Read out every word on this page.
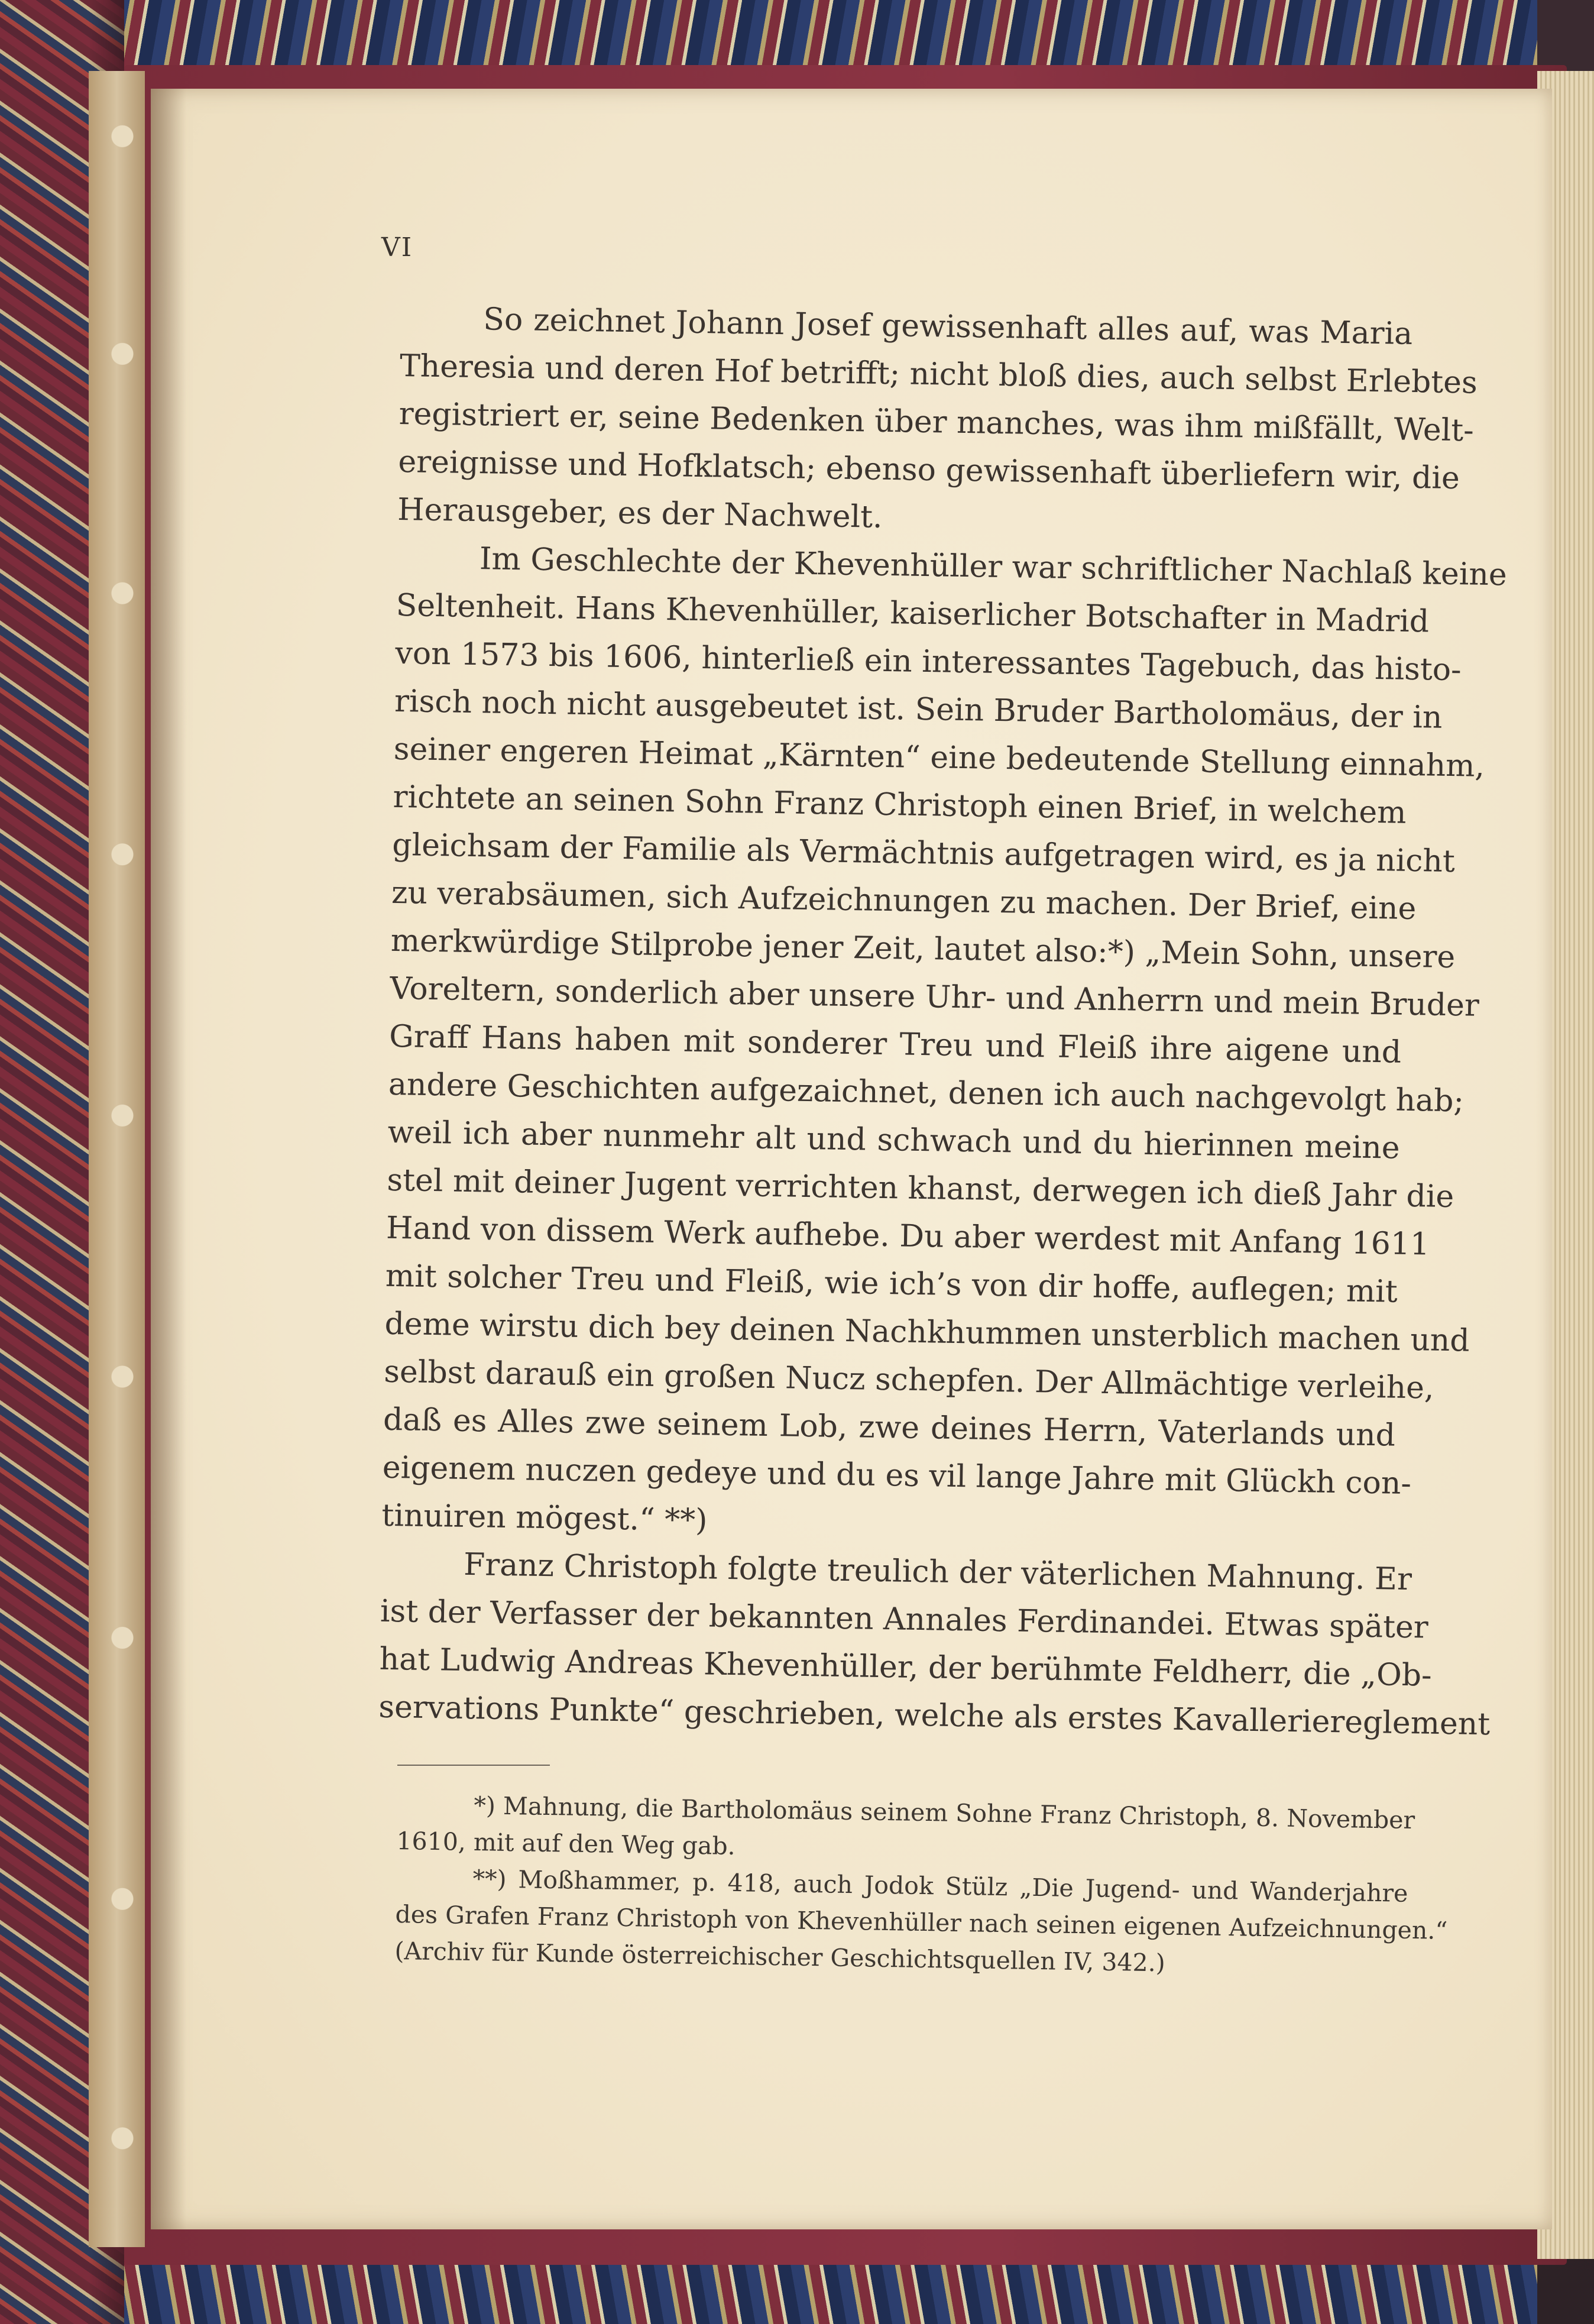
VI
So zeichnet Johann Josef gewissenhaft alles auf, was Maria
Theresia und deren Hof betrifft; nicht bloß dies, auch selbst Erlebtes
registriert er, seine Bedenken über manches, was ihm mißfällt, Welt-
ereignisse und Hofklatsch; ebenso gewissenhaft überliefern wir, die
Herausgeber, es der Nachwelt.
Im Geschlechte der Khevenhüller war schriftlicher Nachlaß keine
Seltenheit. Hans Khevenhüller, kaiserlicher Botschafter in Madrid
von 1573 bis 1606, hinterließ ein interessantes Tagebuch, das histo-
risch noch nicht ausgebeutet ist. Sein Bruder Bartholomäus, der in
seiner engeren Heimat „Kärnten“ eine bedeutende Stellung einnahm,
richtete an seinen Sohn Franz Christoph einen Brief, in welchem
gleichsam der Familie als Vermächtnis aufgetragen wird, es ja nicht
zu verabsäumen, sich Aufzeichnungen zu machen. Der Brief, eine
merkwürdige Stilprobe jener Zeit, lautet also:*) „Mein Sohn, unsere
Voreltern, sonderlich aber unsere Uhr- und Anherrn und mein Bruder
Graff Hans haben mit sonderer Treu und Fleiß ihre aigene und
andere Geschichten aufgezaichnet, denen ich auch nachgevolgt hab;
weil ich aber nunmehr alt und schwach und du hierinnen meine
stel mit deiner Jugent verrichten khanst, derwegen ich dieß Jahr die
Hand von dissem Werk aufhebe. Du aber werdest mit Anfang 1611
mit solcher Treu und Fleiß, wie ich’s von dir hoffe, auflegen; mit
deme wirstu dich bey deinen Nachkhummen unsterblich machen und
selbst darauß ein großen Nucz schepfen. Der Allmächtige verleihe,
daß es Alles zwe seinem Lob, zwe deines Herrn, Vaterlands und
eigenem nuczen gedeye und du es vil lange Jahre mit Glückh con-
tinuiren mögest.“ **)
Franz Christoph folgte treulich der väterlichen Mahnung. Er
ist der Verfasser der bekannten Annales Ferdinandei. Etwas später
hat Ludwig Andreas Khevenhüller, der berühmte Feldherr, die „Ob-
servations Punkte“ geschrieben, welche als erstes Kavalleriereglement
*) Mahnung, die Bartholomäus seinem Sohne Franz Christoph, 8. November
1610, mit auf den Weg gab.
**) Moßhammer, p. 418, auch Jodok Stülz „Die Jugend- und Wanderjahre
des Grafen Franz Christoph von Khevenhüller nach seinen eigenen Aufzeichnungen.“
(Archiv für Kunde österreichischer Geschichtsquellen IV, 342.)
